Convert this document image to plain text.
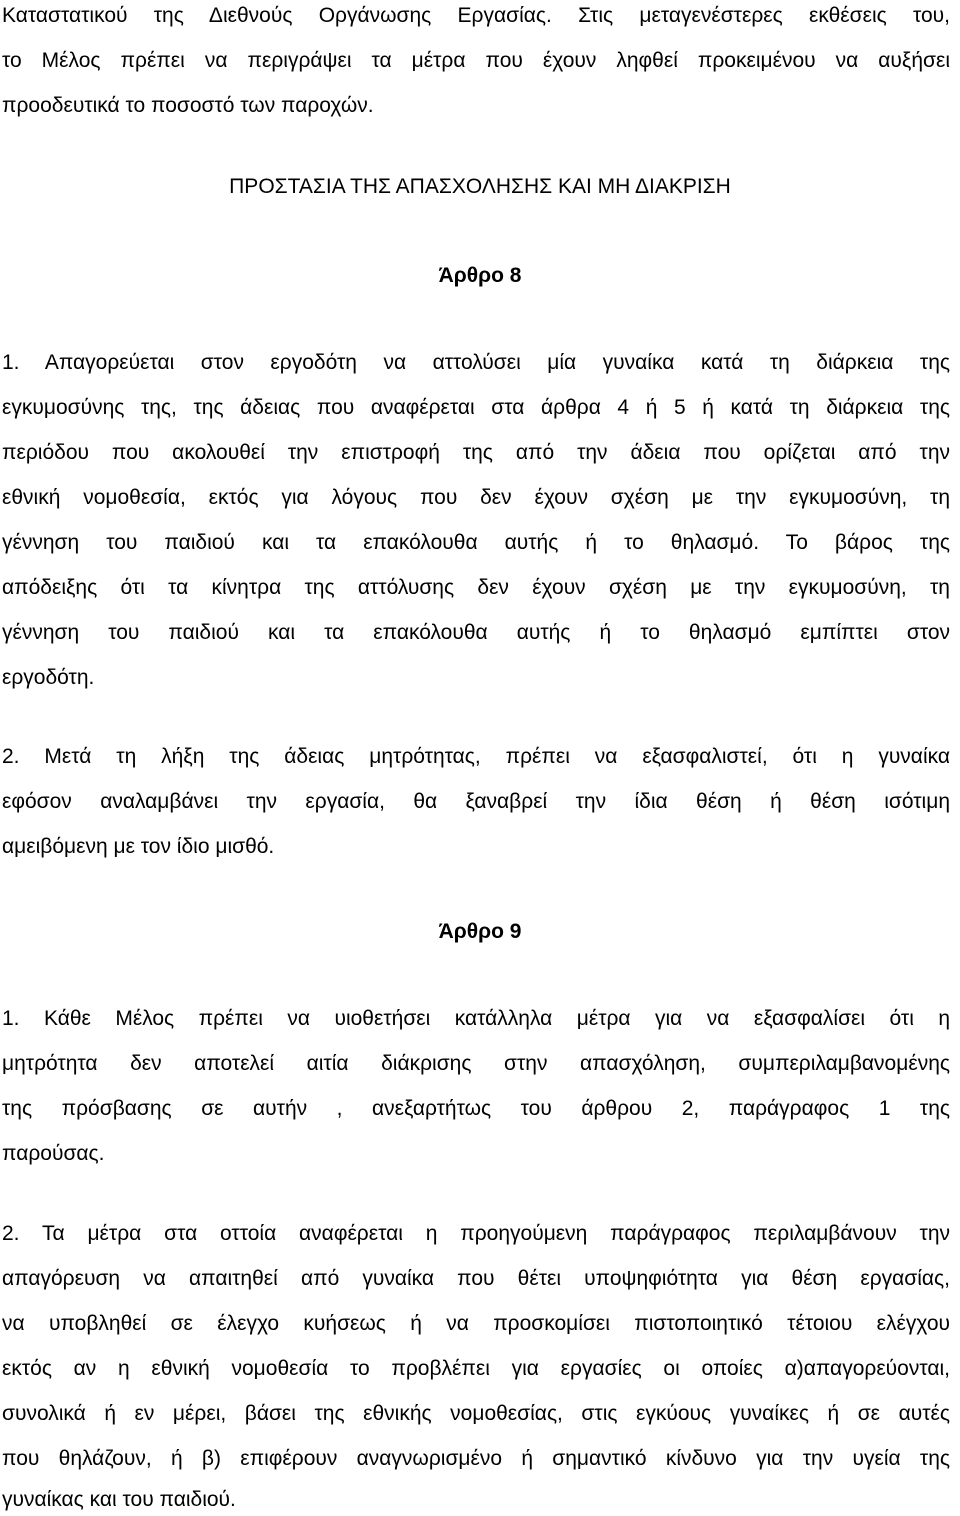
Καταστατικού της Διεθνούς Οργάνωσης Εργασίας. Στις μεταγενέστερες εκθέσεις του,
το Μέλος πρέπει να περιγράψει τα μέτρα που έχουν ληφθεί προκειμένου να αυξήσει
προοδευτικά το ποσοστό των παροχών.
ΠΡΟΣΤΑΣΙΑ ΤΗΣ ΑΠΑΣΧΟΛΗΣΗΣ ΚΑΙ ΜΗ ΔΙΑΚΡΙΣΗ
Άρθρο 8
1. Απαγορεύεται στον εργοδότη να αττολύσει μία γυναίκα κατά τη διάρκεια της
εγκυμοσύνης της, της άδειας που αναφέρεται στα άρθρα 4 ή 5 ή κατά τη διάρκεια της
περιόδου που ακολουθεί την επιστροφή της από την άδεια που ορίζεται από την
εθνική νομοθεσία, εκτός για λόγους που δεν έχουν σχέση με την εγκυμοσύνη, τη
γέννηση του παιδιού και τα επακόλουθα αυτής ή το θηλασμό. Το βάρος της
απόδειξης ότι τα κίνητρα της αττόλυσης δεν έχουν σχέση με την εγκυμοσύνη, τη
γέννηση του παιδιού και τα επακόλουθα αυτής ή το θηλασμό εμπίπτει στον
εργοδότη.
2. Μετά τη λήξη της άδειας μητρότητας, πρέπει να εξασφαλιστεί, ότι η γυναίκα
εφόσον αναλαμβάνει την εργασία, θα ξαναβρεί την ίδια θέση ή θέση ισότιμη
αμειβόμενη με τον ίδιο μισθό.
Άρθρο 9
1. Κάθε Μέλος πρέπει να υιοθετήσει κατάλληλα μέτρα για να εξασφαλίσει ότι η
μητρότητα δεν αποτελεί αιτία διάκρισης στην απασχόληση, συμπεριλαμβανομένης
της πρόσβασης σε αυτήν , ανεξαρτήτως του άρθρου 2, παράγραφος 1 της
παρούσας.
2. Τα μέτρα στα οττοία αναφέρεται η προηγούμενη παράγραφος περιλαμβάνουν την
απαγόρευση να απαιτηθεί από γυναίκα που θέτει υποψηφιότητα για θέση εργασίας,
να υποβληθεί σε έλεγχο κυήσεως ή να προσκομίσει πιστοποιητικό τέτοιου ελέγχου
εκτός αν η εθνική νομοθεσία το προβλέπει για εργασίες οι οποίες α)απαγορεύονται,
συνολικά ή εν μέρει, βάσει της εθνικής νομοθεσίας, στις εγκύους γυναίκες ή σε αυτές
που θηλάζουν, ή β) επιφέρουν αναγνωρισμένο ή σημαντικό κίνδυνο για την υγεία της
γυναίκας και του παιδιού.
